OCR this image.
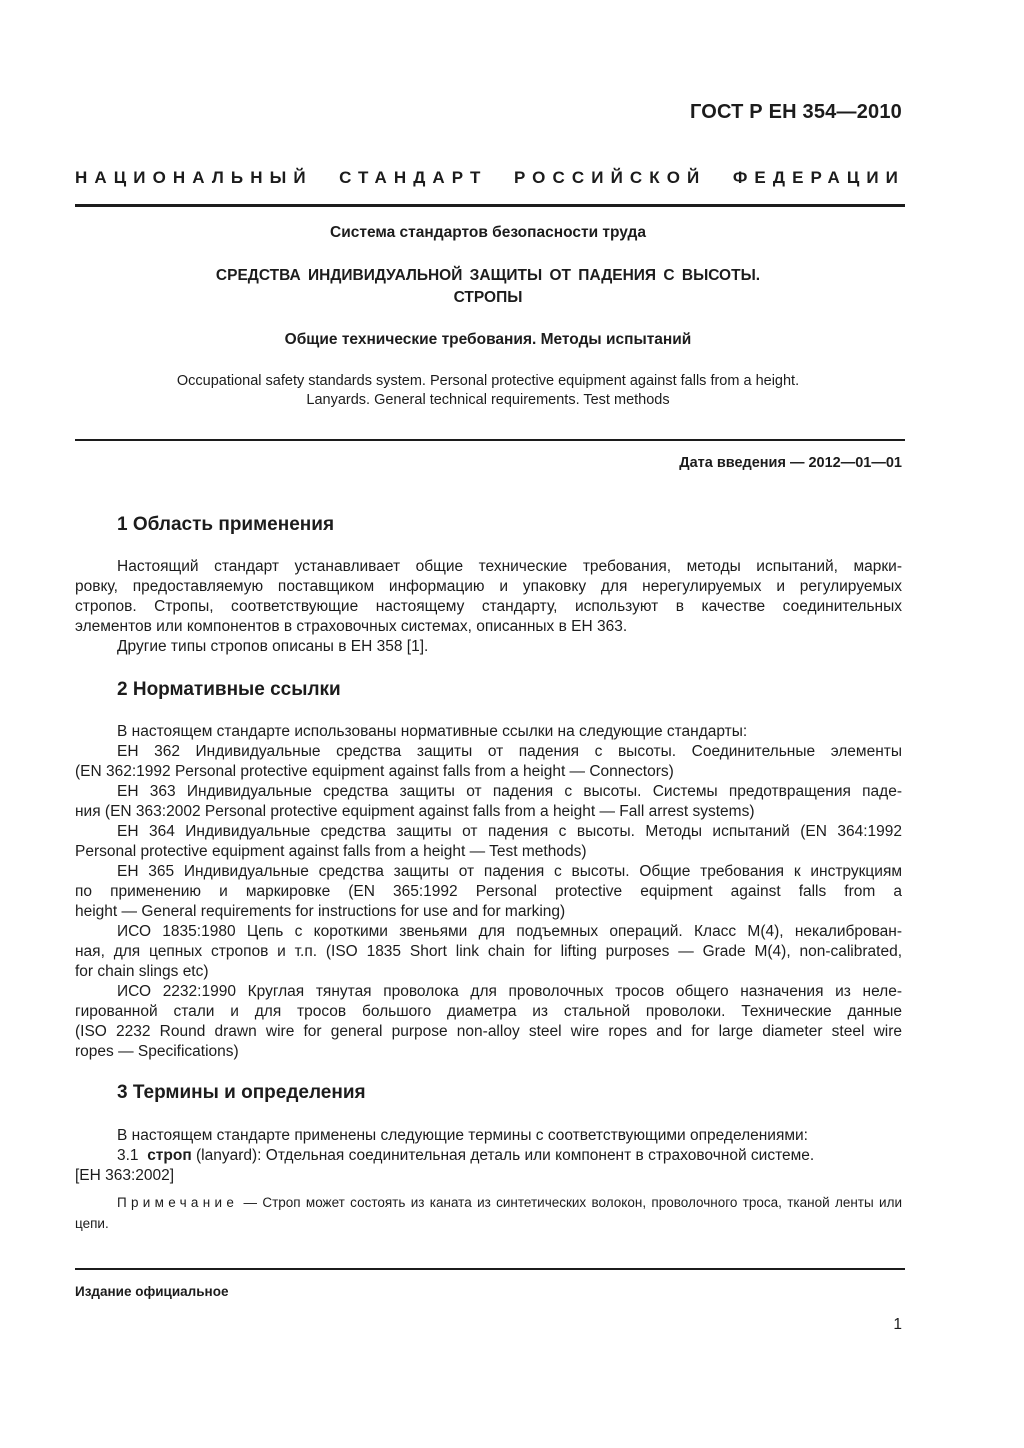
ГОСТ Р ЕН 354—2010
НАЦИОНАЛЬНЫЙ СТАНДАРТ РОССИЙСКОЙ ФЕДЕРАЦИИ
Система стандартов безопасности труда
СРЕДСТВА ИНДИВИДУАЛЬНОЙ ЗАЩИТЫ ОТ ПАДЕНИЯ С ВЫСОТЫ.
СТРОПЫ
Общие технические требования. Методы испытаний
Occupational safety standards system. Personal protective equipment against falls from a height.
Lanyards. General technical requirements. Test methods
Дата введения — 2012—01—01
1 Область применения
Настоящий стандарт устанавливает общие технические требования, методы испытаний, марки-
ровку, предоставляемую поставщиком информацию и упаковку для нерегулируемых и регулируемых
стропов. Стропы, соответствующие настоящему стандарту, используют в качестве соединительных
элементов или компонентов в страховочных системах, описанных в ЕН 363.
Другие типы стропов описаны в ЕН 358 [1].
2 Нормативные ссылки
В настоящем стандарте использованы нормативные ссылки на следующие стандарты:
ЕН 362 Индивидуальные средства защиты от падения с высоты. Соединительные элементы
(EN 362:1992 Personal protective equipment against falls from a height — Connectors)
ЕН 363 Индивидуальные средства защиты от падения с высоты. Системы предотвращения паде-
ния (EN 363:2002 Personal protective equipment against falls from a height — Fall arrest systems)
ЕН 364 Индивидуальные средства защиты от падения с высоты. Методы испытаний (EN 364:1992
Personal protective equipment against falls from a height — Test methods)
ЕН 365 Индивидуальные средства защиты от падения с высоты. Общие требования к инструкциям
по применению и маркировке (EN 365:1992 Personal protective equipment against falls from a
height — General requirements for instructions for use and for marking)
ИСО 1835:1980 Цепь с короткими звеньями для подъемных операций. Класс М(4), некалиброван-
ная, для цепных стропов и т.п. (ISO 1835 Short link chain for lifting purposes — Grade M(4), non-calibrated,
for chain slings etc)
ИСО 2232:1990 Круглая тянутая проволока для проволочных тросов общего назначения из нелe-
гированной стали и для тросов большого диаметра из стальной проволоки. Технические данные
(ISO 2232 Round drawn wire for general purpose non-alloy steel wire ropes and for large diameter steel wire
ropes — Specifications)
3 Термины и определения
В настоящем стандарте применены следующие термины с соответствующими определениями:
3.1 строп (lanyard): Отдельная соединительная деталь или компонент в страховочной системе.
[ЕН 363:2002]
Примечание — Строп может состоять из каната из синтетических волокон, проволочного троса, тканой ленты или цепи.
Издание официальное
1
